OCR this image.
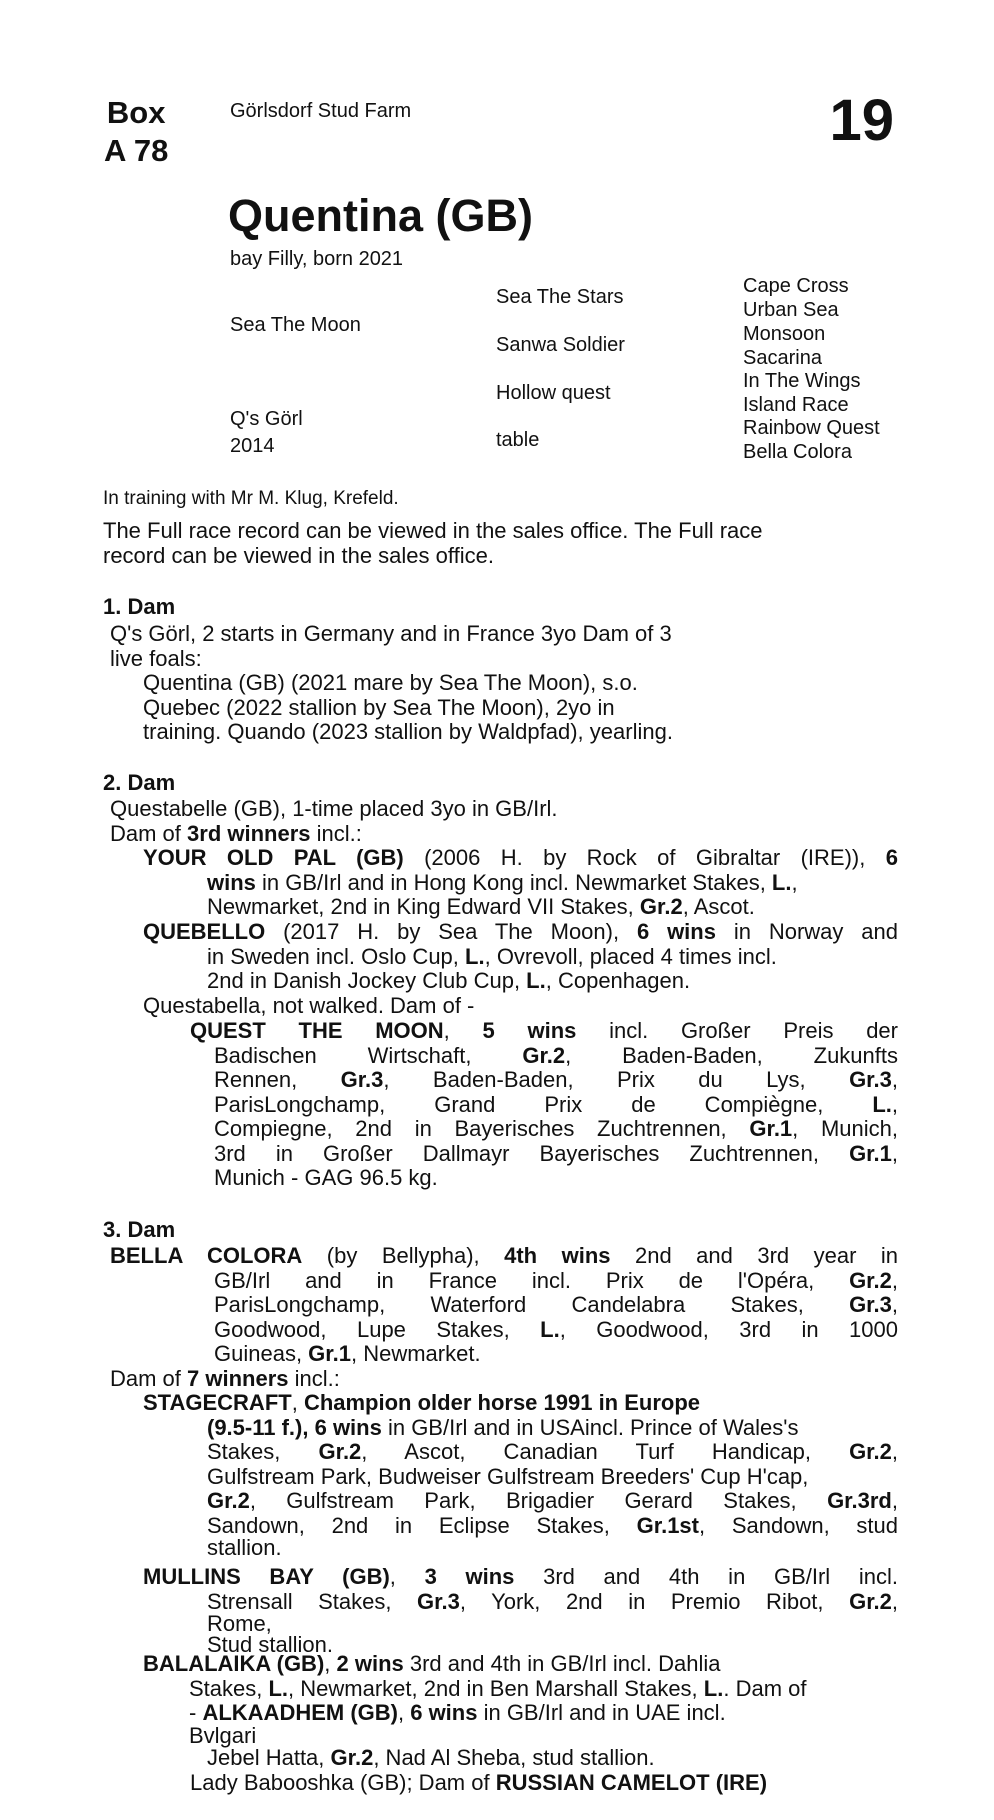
Box
A 78
Görlsdorf Stud Farm	19
Quentina (GB)
bay Filly, born 2021
Sea The Moon
Q's Görl
2014
Sea The Stars
Sanwa Soldier
Hollow quest
table
Cape Cross
Urban Sea
Monsoon
Sacarina
In The Wings
Island Race
Rainbow Quest
Bella Colora
In training with Mr M. Klug, Krefeld.
The Full race record can be viewed in the sales office. The Full race
record can be viewed in the sales office.
1. Dam
Q's Görl, 2 starts in Germany and in France 3yo Dam of 3
live foals:
Quentina (GB) (2021 mare by Sea The Moon), s.o.
Quebec (2022 stallion by Sea The Moon), 2yo in
training. Quando (2023 stallion by Waldpfad), yearling.
2. Dam
Questabelle (GB), 1-time placed 3yo in GB/Irl.
Dam of 3rd winners incl.:
YOUR OLD PAL (GB) (2006 H. by Rock of Gibraltar (IRE)), 6
wins in GB/Irl and in Hong Kong incl. Newmarket Stakes, L.,
Newmarket, 2nd in King Edward VII Stakes, Gr.2, Ascot.
QUEBELLO (2017 H. by Sea The Moon), 6 wins in Norway and
in Sweden incl. Oslo Cup, L., Ovrevoll, placed 4 times incl.
2nd in Danish Jockey Club Cup, L., Copenhagen.
Questabella, not walked. Dam of -
QUEST THE MOON, 5 wins incl. Großer Preis der
Badischen Wirtschaft, Gr.2, Baden-Baden, Zukunfts
Rennen, Gr.3, Baden-Baden, Prix du Lys, Gr.3,
ParisLongchamp, Grand Prix de Compiègne, L.,
Compiegne, 2nd in Bayerisches Zuchtrennen, Gr.1, Munich,
3rd in Großer Dallmayr Bayerisches Zuchtrennen, Gr.1,
Munich - GAG 96.5 kg.
3. Dam
BELLA COLORA (by Bellypha), 4th wins 2nd and 3rd year in
GB/Irl and in France incl. Prix de l'Opéra, Gr.2,
ParisLongchamp, Waterford Candelabra Stakes, Gr.3,
Goodwood, Lupe Stakes, L., Goodwood, 3rd in 1000
Guineas, Gr.1, Newmarket.
Dam of 7 winners incl.:
STAGECRAFT, Champion older horse 1991 in Europe
(9.5-11 f.), 6 wins in GB/Irl and in USAincl. Prince of Wales's
Stakes, Gr.2, Ascot, Canadian Turf Handicap, Gr.2,
Gulfstream Park, Budweiser Gulfstream Breeders' Cup H'cap,
Gr.2, Gulfstream Park, Brigadier Gerard Stakes, Gr.3rd,
Sandown, 2nd in Eclipse Stakes, Gr.1st, Sandown, stud
stallion.
MULLINS BAY (GB), 3 wins 3rd and 4th in GB/Irl incl.
Strensall Stakes, Gr.3, York, 2nd in Premio Ribot, Gr.2,
Rome,
Stud stallion.
BALALAIKA (GB), 2 wins 3rd and 4th in GB/Irl incl. Dahlia
Stakes, L., Newmarket, 2nd in Ben Marshall Stakes, L.. Dam of
- ALKAADHEM (GB), 6 wins in GB/Irl and in UAE incl.
Bvlgari
Jebel Hatta, Gr.2, Nad Al Sheba, stud stallion.
Lady Babooshka (GB); Dam of RUSSIAN CAMELOT (IRE)
